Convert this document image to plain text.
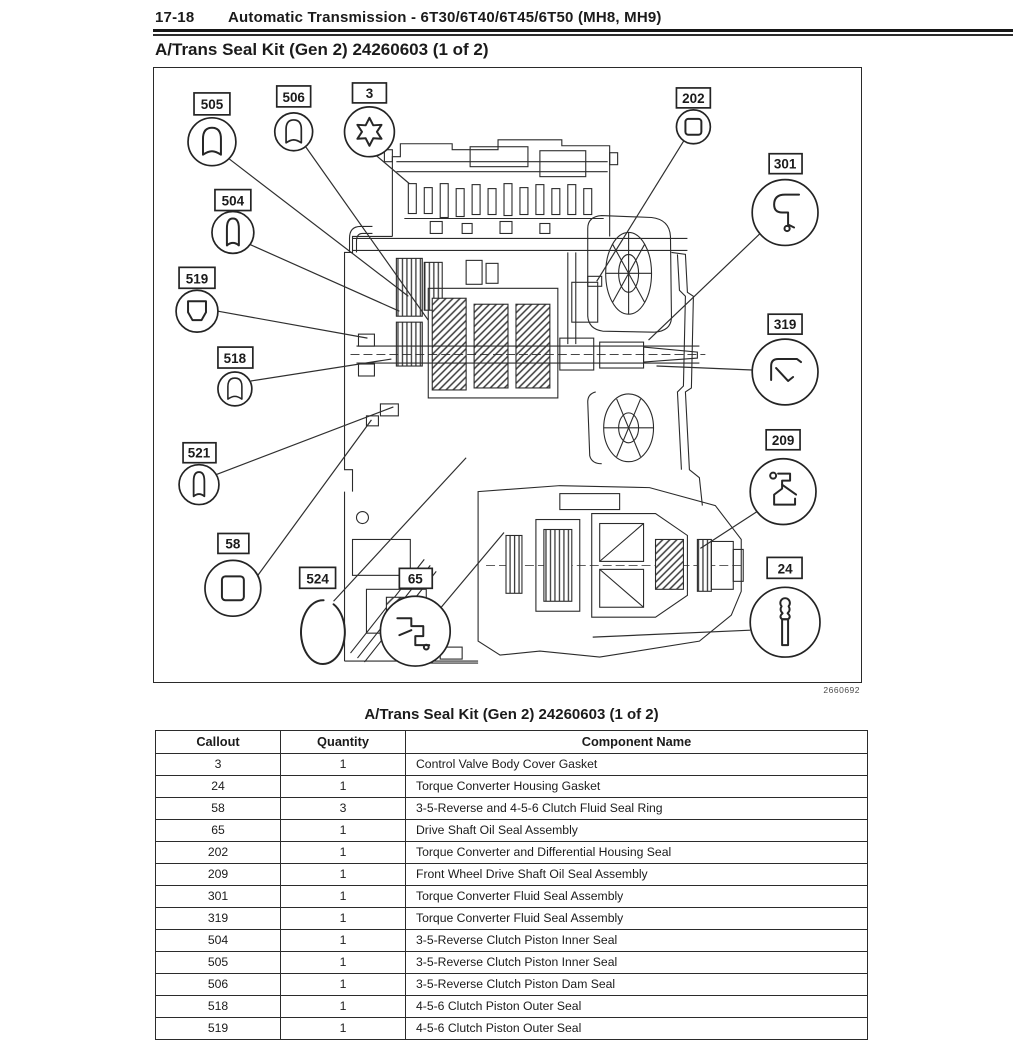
17-18 Automatic Transmission - 6T30/6T40/6T45/6T50 (MH8, MH9)
A/Trans Seal Kit (Gen 2) 24260603 (1 of 2)
505	506	3	202
301
504
519
518
521
58
524	65
319
209
24
2660692
A/Trans Seal Kit (Gen 2) 24260603 (1 of 2)
Callout	Quantity	Component Name
3	1	Control Valve Body Cover Gasket
24	1	Torque Converter Housing Gasket
58	3	3-5-Reverse and 4-5-6 Clutch Fluid Seal Ring
65	1	Drive Shaft Oil Seal Assembly
202	1	Torque Converter and Differential Housing Seal
209	1	Front Wheel Drive Shaft Oil Seal Assembly
301	1	Torque Converter Fluid Seal Assembly
319	1	Torque Converter Fluid Seal Assembly
504	1	3-5-Reverse Clutch Piston Inner Seal
505	1	3-5-Reverse Clutch Piston Inner Seal
506	1	3-5-Reverse Clutch Piston Dam Seal
518	1	4-5-6 Clutch Piston Outer Seal
519	1	4-5-6 Clutch Piston Outer Seal
